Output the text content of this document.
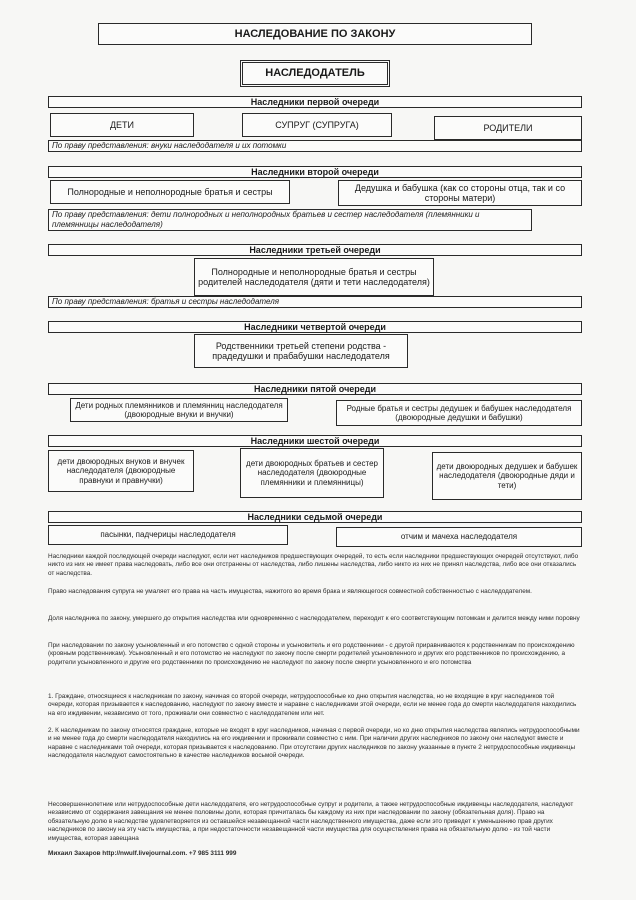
НАСЛЕДОВАНИЕ ПО ЗАКОНУ
НАСЛЕДОДАТЕЛЬ
Наследники первой очереди
ДЕТИ	СУПРУГ (СУПРУГА)	РОДИТЕЛИ
По праву представления: внуки наследодателя и их потомки
Наследники второй очереди
Полнородные и неполнородные братья и сестры	Дедушка и бабушка (как со стороны отца, так и со стороны матери)
По праву представления: дети полнородных и неполнородных братьев и сестер наследодателя (племянники и племянницы наследодателя)
Наследники третьей очереди
Полнородные и неполнородные братья и сестры родителей наследодателя (дяти и тети наследодателя)
По праву представления: братья и сестры наследодателя
Наследники четвертой очереди
Родственники третьей степени родства - прадедушки и прабабушки наследодателя
Наследники пятой очереди
Дети родных племянников и племянниц наследодателя (двоюродные внуки и внучки)
Родные братья и сестры дедушек и бабушек наследодателя (двоюродные дедушки и бабушки)
Наследники шестой очереди
дети двоюродных внуков и внучек наследодателя (двоюродные правнуки и правнучки)
дети двоюродных братьев и сестер наследодателя (двоюродные племянники и племянницы)
дети двоюродных дедушек и бабушек наследодателя (двоюродные дяди и тети)
Наследники седьмой очереди
пасынки, падчерицы наследодателя	отчим и мачеха наследодателя
Наследники каждой последующей очереди наследуют, если нет наследников предшествующих очередей, то есть если наследники предшествующих очередей отсутствуют, либо никто из них не имеет права наследовать, либо все они отстранены от наследства, либо лишены наследства, либо никто из них не принял наследства, либо все они отказались от наследства.
Право наследования супруга не умаляет его права на часть имущества, нажитого во время брака и являющегося совместной собственностью с наследодателем.
Доля наследника по закону, умершего до открытия наследства или одновременно с наследодателем, переходит к его соответствующим потомкам и делится между ними поровну
При наследовании по закону усыновленный и его потомство с одной стороны и усыновитель и его родственники - с другой приравниваются к родственникам по происхождению (кровным родственникам). Усыновленный и его потомство не наследуют по закону после смерти родителей усыновленного и других его родственников по происхождению, а родители усыновленного и другие его родственники по происхождению не наследуют по закону после смерти усыновленного и его потомства
1. Граждане, относящиеся к наследникам по закону, начиная со второй очереди, нетрудоспособные ко дню открытия наследства, но не входящие в круг наследников той очереди, которая призывается к наследованию, наследуют по закону вместе и наравне с наследниками этой очереди, если не менее года до смерти наследодателя находились на его иждивении, независимо от того, проживали они совместно с наследодателем или нет.
2. К наследникам по закону относятся граждане, которые не входят в круг наследников, начиная с первой очереди, но ко дню открытия наследства являлись нетрудоспособными и не менее года до смерти наследодателя находились на его иждивении и проживали совместно с ним. При наличии других наследников по закону они наследуют вместе и наравне с наследниками той очереди, которая призывается к наследованию. При отсутствии других наследников по закону указанные в пункте 2 нетрудоспособные иждивенцы наследодателя наследуют самостоятельно в качестве наследников восьмой очереди.
Несовершеннолетние или нетрудоспособные дети наследодателя, его нетрудоспособные супруг и родители, а также нетрудоспособные иждивенцы наследодателя, наследуют независимо от содержания завещания не менее половины доли, которая причиталась бы каждому из них при наследовании по закону (обязательная доля). Право на обязательную долю в наследстве удовлетворяется из оставшейся незавещанной части наследственного имущества, даже если это приведет к уменьшению прав других наследников по закону на эту часть имущества, а при недостаточности незавещанной части имущества для осуществления права на обязательную долю - из той части имущества, которая завещана
Михаил Захаров http://nwulf.livejournal.com. +7 985 3111 999
